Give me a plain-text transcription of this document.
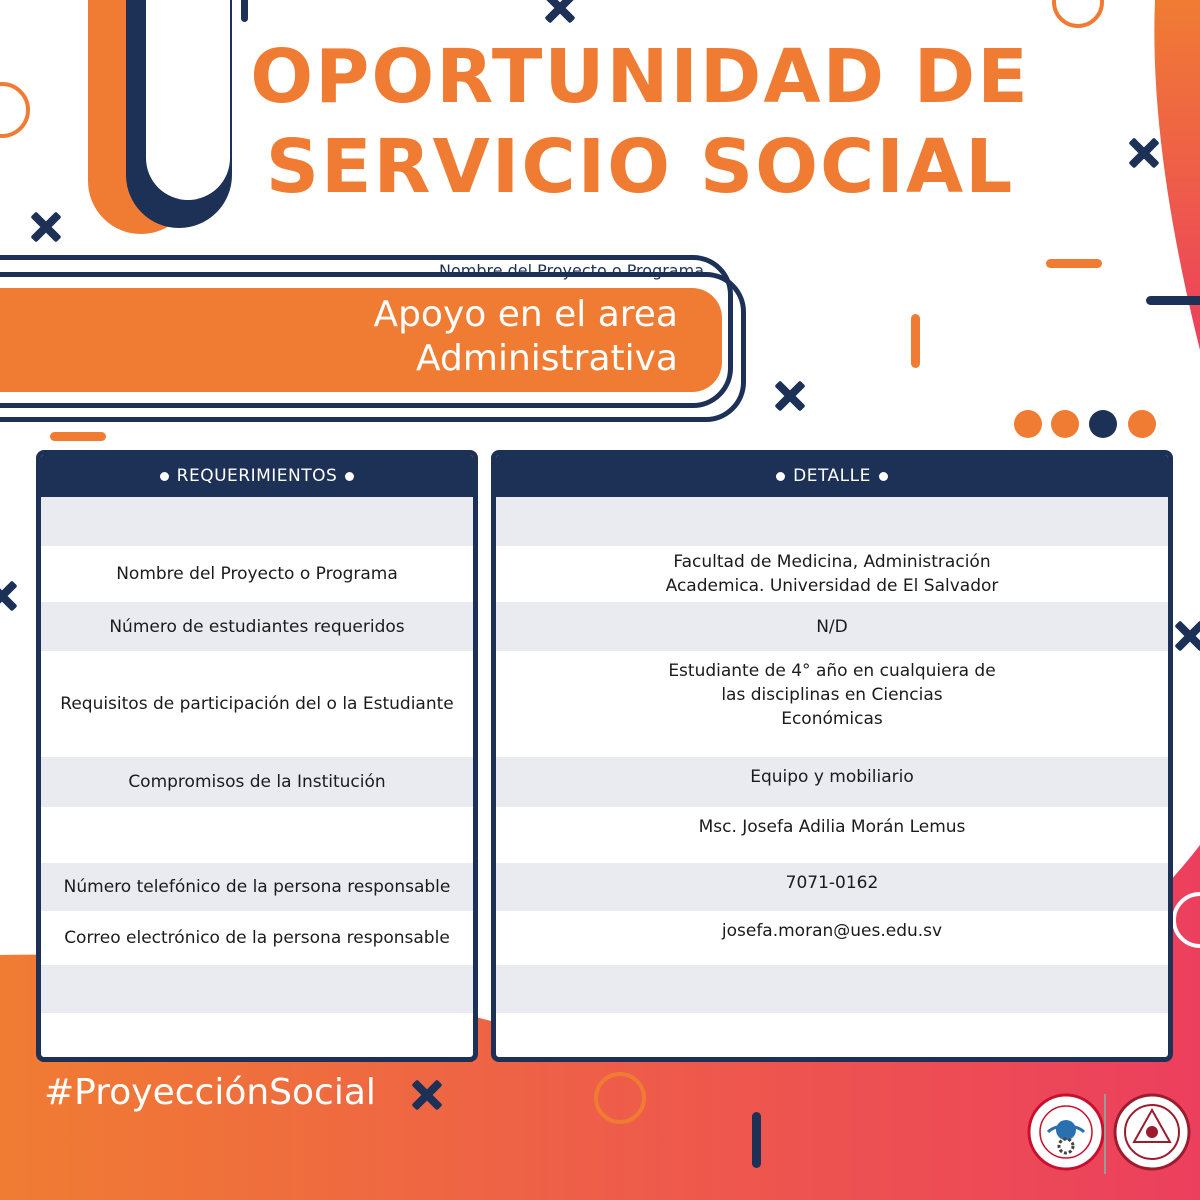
OPORTUNIDAD DE
SERVICIO SOCIAL
Nombre del Proyecto o Programa
Apoyo en el area
Administrativa
REQUERIMIENTOS
Nombre del Proyecto o Programa
Número de estudiantes requeridos
Requisitos de participación del o la Estudiante
Compromisos de la Institución
Número telefónico de la persona responsable
Correo electrónico de la persona responsable
DETALLE
Facultad de Medicina, Administración
Academica. Universidad de El Salvador
N/D
Estudiante de 4° año en cualquiera de
las disciplinas en Ciencias
Económicas
Equipo y mobiliario
Msc. Josefa Adilia Morán Lemus
7071-0162
josefa.moran@ues.edu.sv
#ProyecciónSocial
